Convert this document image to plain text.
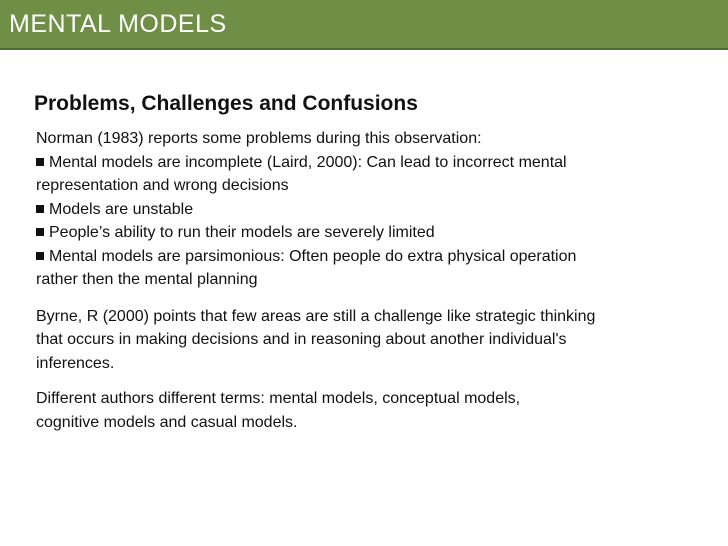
MENTAL MODELS
Problems, Challenges and Confusions

Norman (1983) reports some problems during this observation:

Mental models are incomplete (Laird, 2000): Can lead to incorrect mental

representation and wrong decisions

Models are unstable

People’s ability to run their models are severely limited

Mental models are parsimonious: Often people do extra physical operation

rather then the mental planning

Byrne, R (2000) points that few areas are still a challenge like strategic thinking

that occurs in making decisions and in reasoning about another individual's

inferences.

Different authors different terms: mental models, conceptual models,

cognitive models and casual models.
